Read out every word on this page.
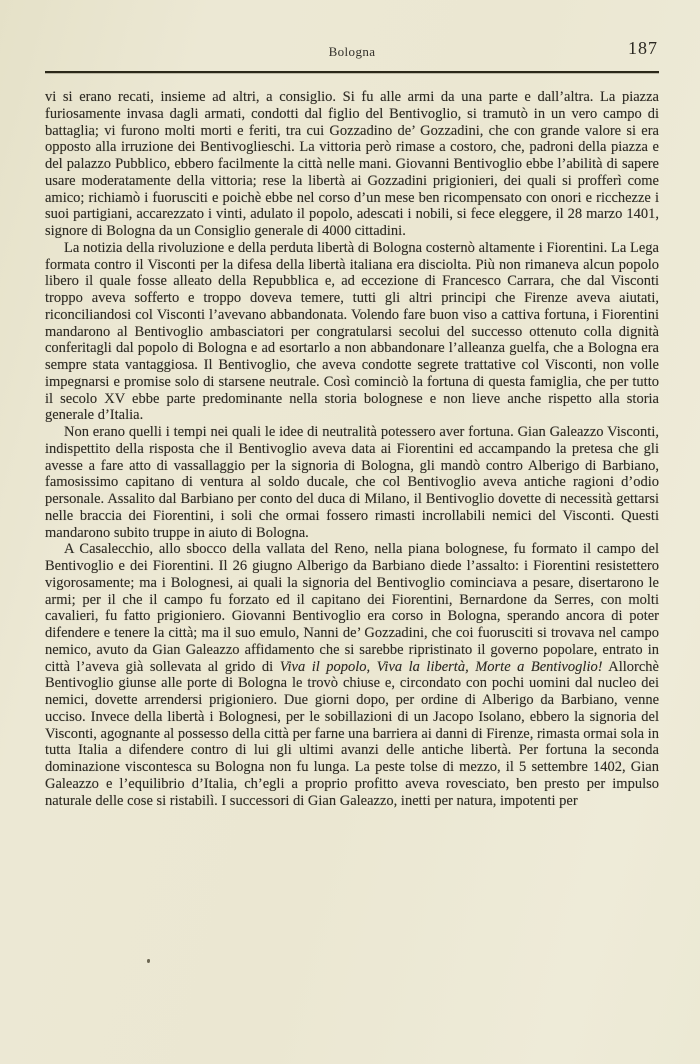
Bologna	187

vi si erano recati, insieme ad altri, a consiglio. Si fu alle armi da una parte e dall’altra. La piazza furiosamente invasa dagli armati, condotti dal figlio del Bentivoglio, si tramutò in un vero campo di battaglia; vi furono molti morti e feriti, tra cui Gozzadino de’ Gozzadini, che con grande valore si era opposto alla irruzione dei Bentivoglieschi. La vittoria però rimase a costoro, che, padroni della piazza e del palazzo Pubblico, ebbero facilmente la città nelle mani. Giovanni Bentivoglio ebbe l’abilità di sapere usare moderatamente della vittoria; rese la libertà ai Gozzadini prigionieri, dei quali si profferì come amico; richiamò i fuorusciti e poichè ebbe nel corso d’un mese ben ricompensato con onori e ricchezze i suoi partigiani, accarezzato i vinti, adulato il popolo, adescati i nobili, si fece eleggere, il 28 marzo 1401, signore di Bologna da un Consiglio generale di 4000 cittadini.

La notizia della rivoluzione e della perduta libertà di Bologna costernò altamente i Fiorentini. La Lega formata contro il Visconti per la difesa della libertà italiana era disciolta. Più non rimaneva alcun popolo libero il quale fosse alleato della Repubblica e, ad eccezione di Francesco Carrara, che dal Visconti troppo aveva sofferto e troppo doveva temere, tutti gli altri principi che Firenze aveva aiutati, riconciliandosi col Visconti l’avevano abbandonata. Volendo fare buon viso a cattiva fortuna, i Fiorentini mandarono al Bentivoglio ambasciatori per congratularsi secolui del successo ottenuto colla dignità conferitagli dal popolo di Bologna e ad esortarlo a non abbandonare l’alleanza guelfa, che a Bologna era sempre stata vantaggiosa. Il Bentivoglio, che aveva condotte segrete trattative col Visconti, non volle impegnarsi e promise solo di starsene neutrale. Così cominciò la fortuna di questa famiglia, che per tutto il secolo XV ebbe parte predominante nella storia bolognese e non lieve anche rispetto alla storia generale d’Italia.

Non erano quelli i tempi nei quali le idee di neutralità potessero aver fortuna. Gian Galeazzo Visconti, indispettito della risposta che il Bentivoglio aveva data ai Fiorentini ed accampando la pretesa che gli avesse a fare atto di vassallaggio per la signoria di Bologna, gli mandò contro Alberigo di Barbiano, famosissimo capitano di ventura al soldo ducale, che col Bentivoglio aveva antiche ragioni d’odio personale. Assalito dal Barbiano per conto del duca di Milano, il Bentivoglio dovette di necessità gettarsi nelle braccia dei Fiorentini, i soli che ormai fossero rimasti incrollabili nemici del Visconti. Questi mandarono subito truppe in aiuto di Bologna.

A Casalecchio, allo sbocco della vallata del Reno, nella piana bolognese, fu formato il campo del Bentivoglio e dei Fiorentini. Il 26 giugno Alberigo da Barbiano diede l’assalto: i Fiorentini resistettero vigorosamente; ma i Bolognesi, ai quali la signoria del Bentivoglio cominciava a pesare, disertarono le armi; per il che il campo fu forzato ed il capitano dei Fiorentini, Bernardone da Serres, con molti cavalieri, fu fatto prigioniero. Giovanni Bentivoglio era corso in Bologna, sperando ancora di poter difendere e tenere la città; ma il suo emulo, Nanni de’ Gozzadini, che coi fuorusciti si trovava nel campo nemico, avuto da Gian Galeazzo affidamento che si sarebbe ripristinato il governo popolare, entrato in città l’aveva già sollevata al grido di Viva il popolo, Viva la libertà, Morte a Bentivoglio! Allorchè Bentivoglio giunse alle porte di Bologna le trovò chiuse e, circondato con pochi uomini dal nucleo dei nemici, dovette arrendersi prigioniero. Due giorni dopo, per ordine di Alberigo da Barbiano, venne ucciso. Invece della libertà i Bolognesi, per le sobillazioni di un Jacopo Isolano, ebbero la signoria del Visconti, agognante al possesso della città per farne una barriera ai danni di Firenze, rimasta ormai sola in tutta Italia a difendere contro di lui gli ultimi avanzi delle antiche libertà. Per fortuna la seconda dominazione viscontesca su Bologna non fu lunga. La peste tolse di mezzo, il 5 settembre 1402, Gian Galeazzo e l’equilibrio d’Italia, ch’egli a proprio profitto aveva rovesciato, ben presto per impulso naturale delle cose si ristabilì. I successori di Gian Galeazzo, inetti per natura, impotenti per
